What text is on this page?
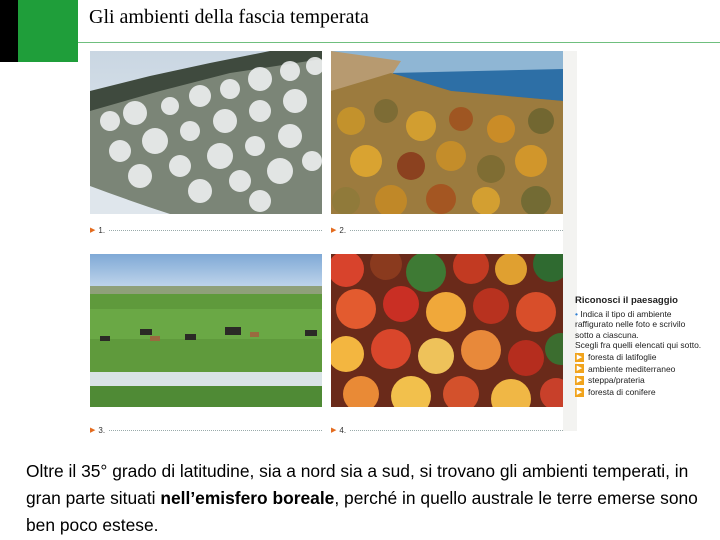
Gli ambienti della fascia temperata
▶ 1.	▶ 2.
▶ 3.	▶ 4.
Riconosci il paesaggio
• Indica il tipo di ambiente
raffigurato nelle foto e scrivilo
sotto a ciascuna.
Scegli fra quelli elencati qui sotto.
▶ foresta di latifoglie
▶ ambiente mediterraneo
▶ steppa/prateria
▶ foresta di conifere
Oltre il 35° grado di latitudine, sia a nord sia a sud, si trovano gli ambienti temperati, in gran parte situati nell’emisfero boreale, perché in quello australe le terre emerse sono ben poco estese.
